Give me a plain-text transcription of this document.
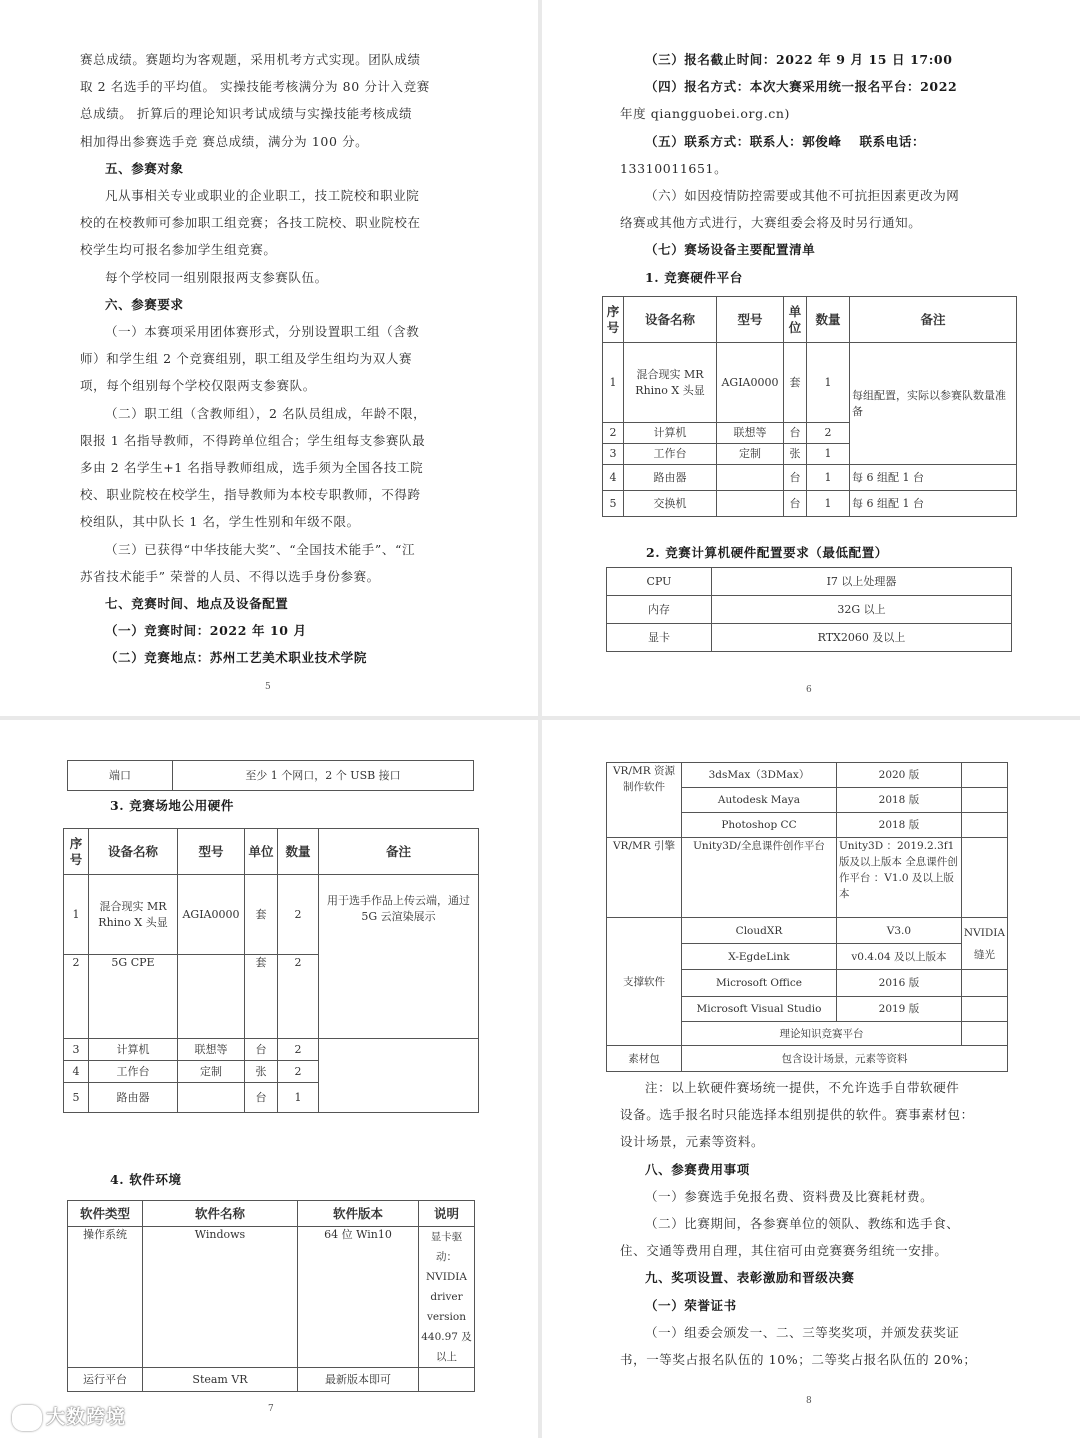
赛总成绩。赛题均为客观题，采用机考方式实现。团队成绩

取 2 名选手的平均值。 实操技能考核满分为 80 分计入竞赛

总成绩。 折算后的理论知识考试成绩与实操技能考核成绩

相加得出参赛选手竞 赛总成绩，满分为 100 分。

五、参赛对象

凡从事相关专业或职业的企业职工，技工院校和职业院

校的在校教师可参加职工组竞赛；各技工院校、职业院校在

校学生均可报名参加学生组竞赛。

每个学校同一组别限报两支参赛队伍。

六、参赛要求

（一）本赛项采用团体赛形式，分别设置职工组（含教

师）和学生组 2 个竞赛组别，职工组及学生组均为双人赛

项，每个组别每个学校仅限两支参赛队。

（二）职工组（含教师组），2 名队员组成，年龄不限，

限报 1 名指导教师，不得跨单位组合；学生组每支参赛队最

多由 2 名学生+1 名指导教师组成，选手须为全国各技工院

校、职业院校在校学生，指导教师为本校专职教师，不得跨

校组队，其中队长 1 名，学生性别和年级不限。

（三）已获得“中华技能大奖”、“全国技术能手”、“江

苏省技术能手” 荣誉的人员、不得以选手身份参赛。

七、竞赛时间、地点及设备配置

（一）竞赛时间：2022 年 10 月

（二）竞赛地点：苏州工艺美术职业技术学院

5

（三）报名截止时间：2022 年 9 月 15 日 17:00

（四）报名方式：本次大赛采用统一报名平台：2022

年度 qiangguobei.org.cn)

（五）联系方式：联系人：郭俊峰　 联系电话：

13310011651。

（六）如因疫情防控需要或其他不可抗拒因素更改为网

络赛或其他方式进行，大赛组委会将及时另行通知。

（七）赛场设备主要配置清单

1. 竞赛硬件平台

序号	设备名称	型号	单位	数量	备注
1	混合现实 MR Rhino X 头显	AGIA0000	套	1	每组配置，实际以参赛队数量准备
2	计算机	联想等	台	2	
3	工作台	定制	张	1	
4	路由器		台	1	每 6 组配 1 台
5	交换机		台	1	每 6 组配 1 台
2. 竞赛计算机硬件配置要求（最低配置）
CPU	I7 以上处理器
内存	32G 以上
显卡	RTX2060 及以上
6
端口	至少 1 个网口，2 个 USB 接口
3. 竞赛场地公用硬件
序号	设备名称	型号	单位	数量	备注
1	混合现实 MR Rhino X 头显	AGIA0000	套	2	用于选手作品上传云端，通过 5G 云渲染展示
2	5G CPE		套	2	
3	计算机	联想等	台	2	
4	工作台	定制	张	2	
5	路由器		台	1	
4. 软件环境
软件类型	软件名称	软件版本	说明
操作系统	Windows	64 位 Win10	显卡驱动：NVIDIA driver version 440.97 及以上
运行平台	Steam VR	最新版本即可	
7
VR/MR 资源制作软件	3dsMax（3DMax）	2020 版	
	Autodesk Maya	2018 版	
	Photoshop CC	2018 版	
VR/MR 引擎	Unity3D/全息课件创作平台	Unity3D ：2019.2.3f1 版及以上版本 全息课件创作平台 ：V1.0 及以上版本	
支撑软件	CloudXR	V3.0	NVIDIA 缝光
	X-EgdeLink	v0.4.04 及以上版本	
	Microsoft Office	2016 版	
	Microsoft Visual Studio	2019 版	
	理论知识竞赛平台		
素材包	包含设计场景，元素等资料		

注：以上软硬件赛场统一提供，不允许选手自带软硬件

设备。选手报名时只能选择本组别提供的软件。赛事素材包：

设计场景，元素等资料。

八、参赛费用事项

（一）参赛选手免报名费、资料费及比赛耗材费。

（二）比赛期间，各参赛单位的领队、教练和选手食、

住、交通等费用自理，其住宿可由竞赛赛务组统一安排。

九、奖项设置、表彰激励和晋级决赛

（一）荣誉证书

（一）组委会颁发一、二、三等奖奖项，并颁发获奖证

书，一等奖占报名队伍的 10%；二等奖占报名队伍的 20%；

8
大数跨境
